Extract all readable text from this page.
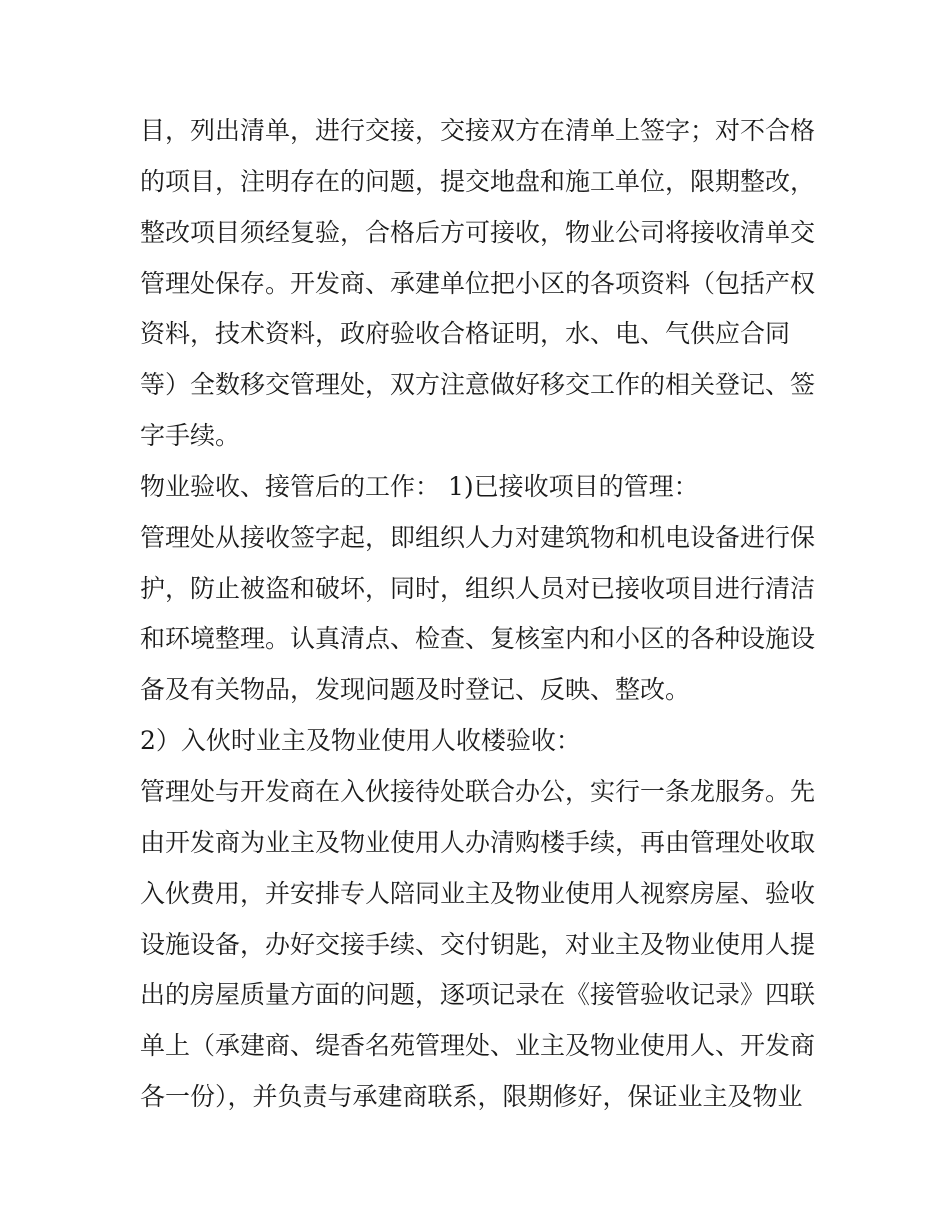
目，列出清单，进行交接，交接双方在清单上签字；对不合格
的项目，注明存在的问题，提交地盘和施工单位，限期整改，
整改项目须经复验，合格后方可接收，物业公司将接收清单交
管理处保存。开发商、承建单位把小区的各项资料（包括产权
资料，技术资料，政府验收合格证明，水、电、气供应合同
等）全数移交管理处，双方注意做好移交工作的相关登记、签
字手续。
物业验收、接管后的工作： 1)已接收项目的管理：
管理处从接收签字起，即组织人力对建筑物和机电设备进行保
护，防止被盗和破坏，同时，组织人员对已接收项目进行清洁
和环境整理。认真清点、检查、复核室内和小区的各种设施设
备及有关物品，发现问题及时登记、反映、整改。
2）入伙时业主及物业使用人收楼验收：
管理处与开发商在入伙接待处联合办公，实行一条龙服务。先
由开发商为业主及物业使用人办清购楼手续，再由管理处收取
入伙费用，并安排专人陪同业主及物业使用人视察房屋、验收
设施设备，办好交接手续、交付钥匙，对业主及物业使用人提
出的房屋质量方面的问题，逐项记录在《接管验收记录》四联
单上（承建商、缇香名苑管理处、业主及物业使用人、开发商
各一份），并负责与承建商联系，限期修好，保证业主及物业
